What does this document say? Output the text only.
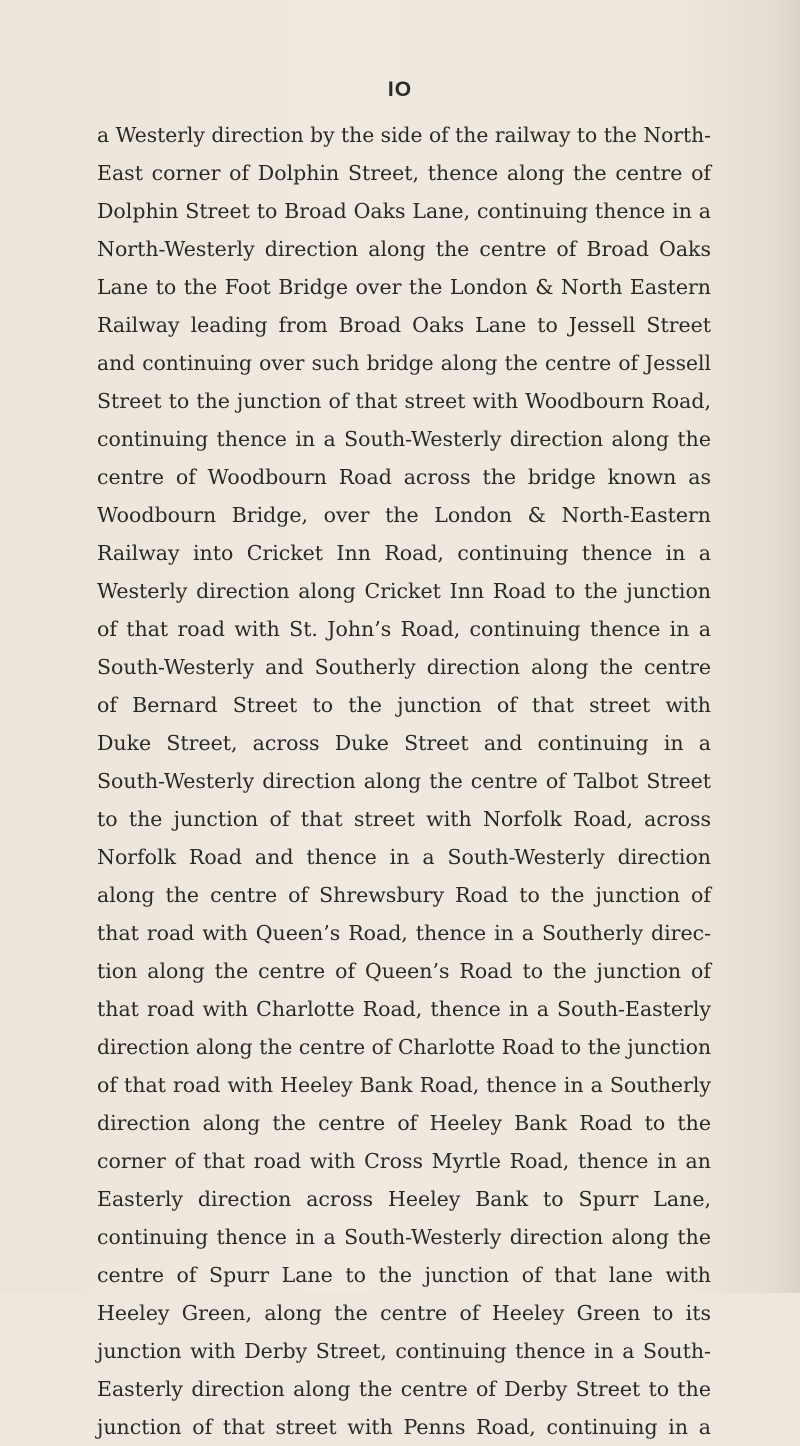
IO
a Westerly direction by the side of the railway to the North-
East corner of Dolphin Street, thence along the centre of
Dolphin Street to Broad Oaks Lane, continuing thence in a
North-Westerly direction along the centre of Broad Oaks
Lane to the Foot Bridge over the London & North Eastern
Railway leading from Broad Oaks Lane to Jessell Street
and continuing over such bridge along the centre of Jessell
Street to the junction of that street with Woodbourn Road,
continuing thence in a South-Westerly direction along the
centre of Woodbourn Road across the bridge known as
Woodbourn Bridge, over the London & North-Eastern
Railway into Cricket Inn Road, continuing thence in a
Westerly direction along Cricket Inn Road to the junction
of that road with St. John’s Road, continuing thence in a
South-Westerly and Southerly direction along the centre
of Bernard Street to the junction of that street with
Duke Street, across Duke Street and continuing in a
South-Westerly direction along the centre of Talbot Street
to the junction of that street with Norfolk Road, across
Norfolk Road and thence in a South-Westerly direction
along the centre of Shrewsbury Road to the junction of
that road with Queen’s Road, thence in a Southerly direc-
tion along the centre of Queen’s Road to the junction of
that road with Charlotte Road, thence in a South-Easterly
direction along the centre of Charlotte Road to the junction
of that road with Heeley Bank Road, thence in a Southerly
direction along the centre of Heeley Bank Road to the
corner of that road with Cross Myrtle Road, thence in an
Easterly direction across Heeley Bank to Spurr Lane,
continuing thence in a South-Westerly direction along the
centre of Spurr Lane to the junction of that lane with
Heeley Green, along the centre of Heeley Green to its
junction with Derby Street, continuing thence in a South-
Easterly direction along the centre of Derby Street to the
junction of that street with Penns Road, continuing in a
